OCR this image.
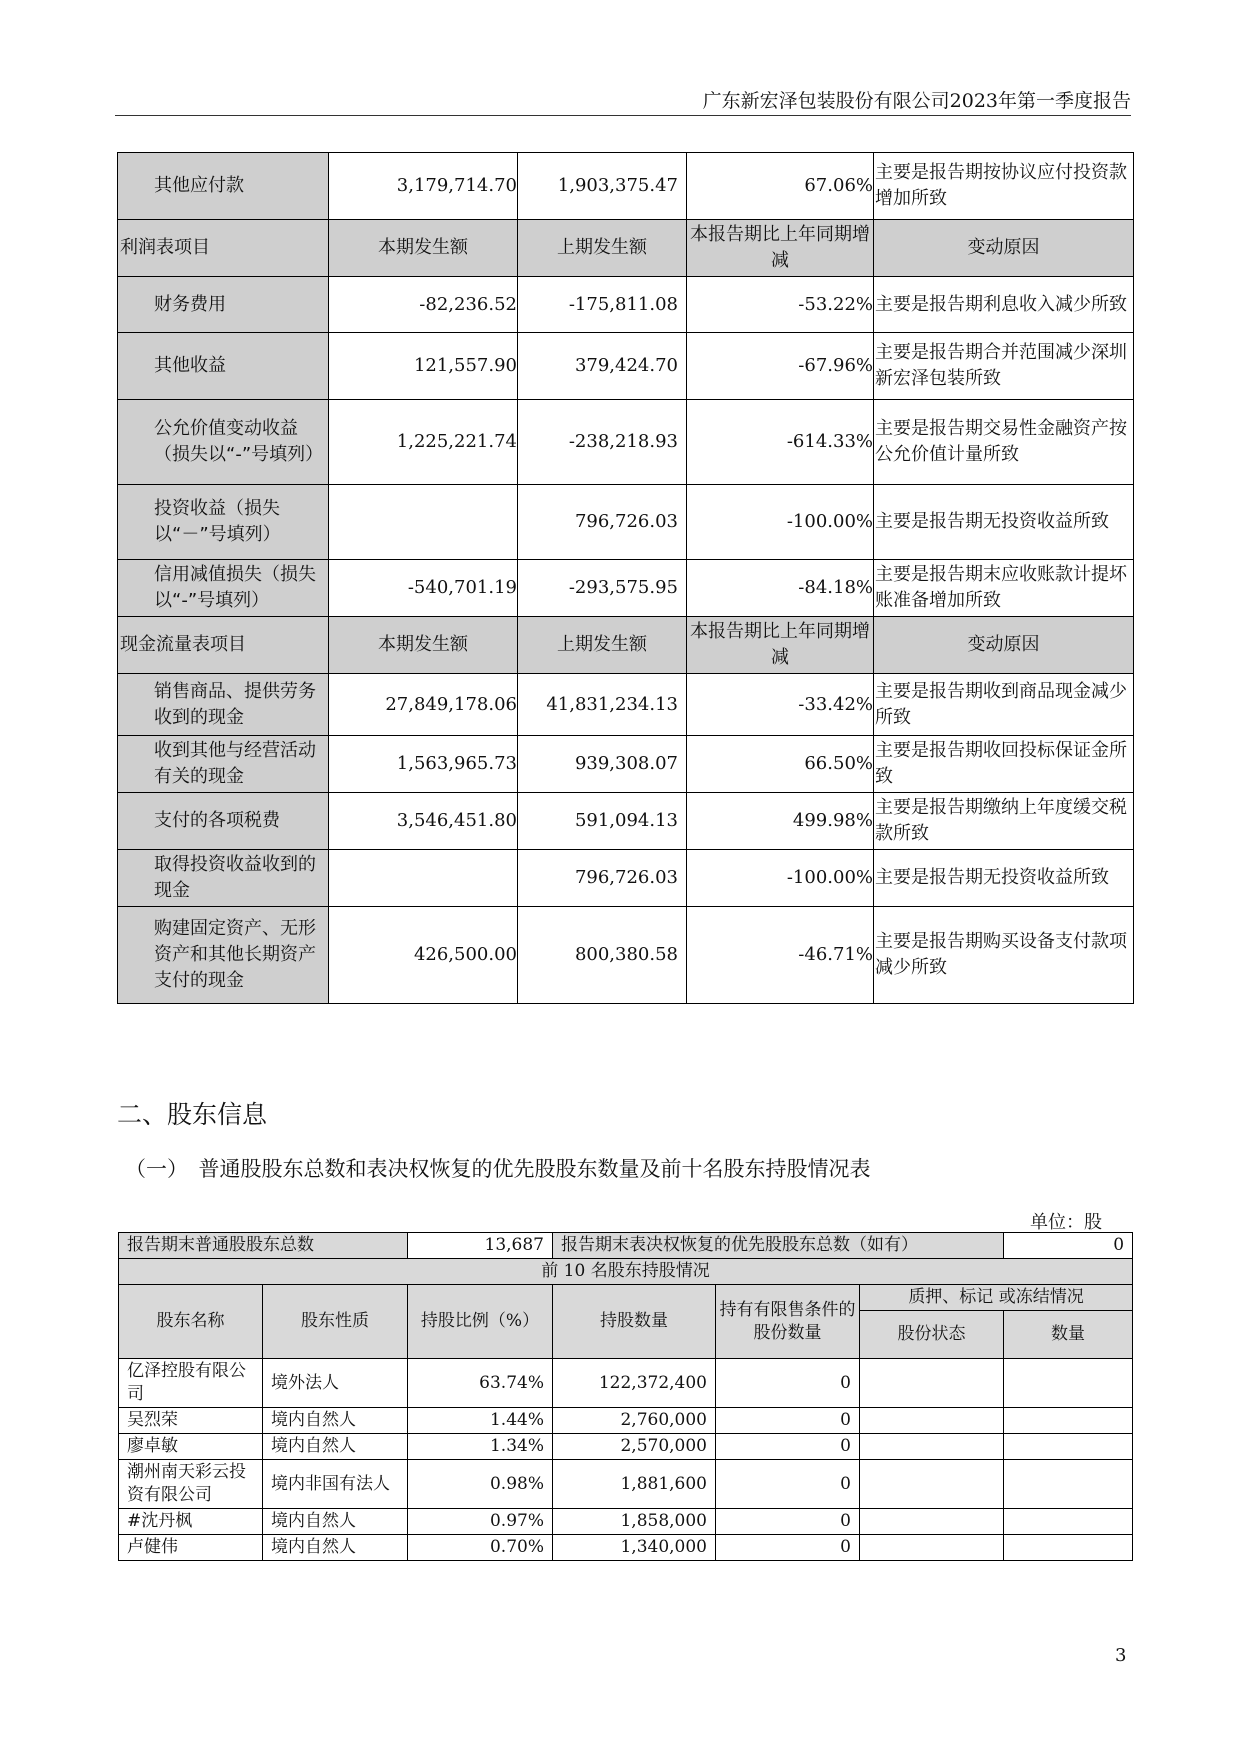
广东新宏泽包装股份有限公司2023年第一季度报告
其他应付款	3,179,714.70	1,903,375.47	67.06%	主要是报告期按协议应付投资款增加所致
利润表项目	本期发生额	上期发生额	本报告期比上年同期增减	变动原因
财务费用	-82,236.52	-175,811.08	-53.22%	主要是报告期利息收入减少所致
其他收益	121,557.90	379,424.70	-67.96%	主要是报告期合并范围减少深圳新宏泽包装所致
公允价值变动收益（损失以“-”号填列）	1,225,221.74	-238,218.93	-614.33%	主要是报告期交易性金融资产按公允价值计量所致
投资收益（损失以“－”号填列）		796,726.03	-100.00%	主要是报告期无投资收益所致
信用减值损失（损失以“-”号填列）	-540,701.19	-293,575.95	-84.18%	主要是报告期末应收账款计提坏账准备增加所致
现金流量表项目	本期发生额	上期发生额	本报告期比上年同期增减	变动原因
销售商品、提供劳务收到的现金	27,849,178.06	41,831,234.13	-33.42%	主要是报告期收到商品现金减少所致
收到其他与经营活动有关的现金	1,563,965.73	939,308.07	66.50%	主要是报告期收回投标保证金所致
支付的各项税费	3,546,451.80	591,094.13	499.98%	主要是报告期缴纳上年度缓交税款所致
取得投资收益收到的现金		796,726.03	-100.00%	主要是报告期无投资收益所致
购建固定资产、无形资产和其他长期资产支付的现金	426,500.00	800,380.58	-46.71%	主要是报告期购买设备支付款项减少所致
二、股东信息
（一）　普通股股东总数和表决权恢复的优先股股东数量及前十名股东持股情况表
单位：股
报告期末普通股股东总数		13,687	报告期末表决权恢复的优先股股东总数（如有）			0
前 10 名股东持股情况						
股东名称	股东性质	持股比例（%）	持股数量	持有有限售条件的股份数量	质押、标记 或冻结情况	
					股份状态	数量
亿泽控股有限公司	境外法人	63.74%	122,372,400	0		
吴烈荣	境内自然人	1.44%	2,760,000	0		
廖卓敏	境内自然人	1.34%	2,570,000	0		
潮州南天彩云投资有限公司	境内非国有法人	0.98%	1,881,600	0		
#沈丹枫	境内自然人	0.97%	1,858,000	0		
卢健伟	境内自然人	0.70%	1,340,000	0		
3
